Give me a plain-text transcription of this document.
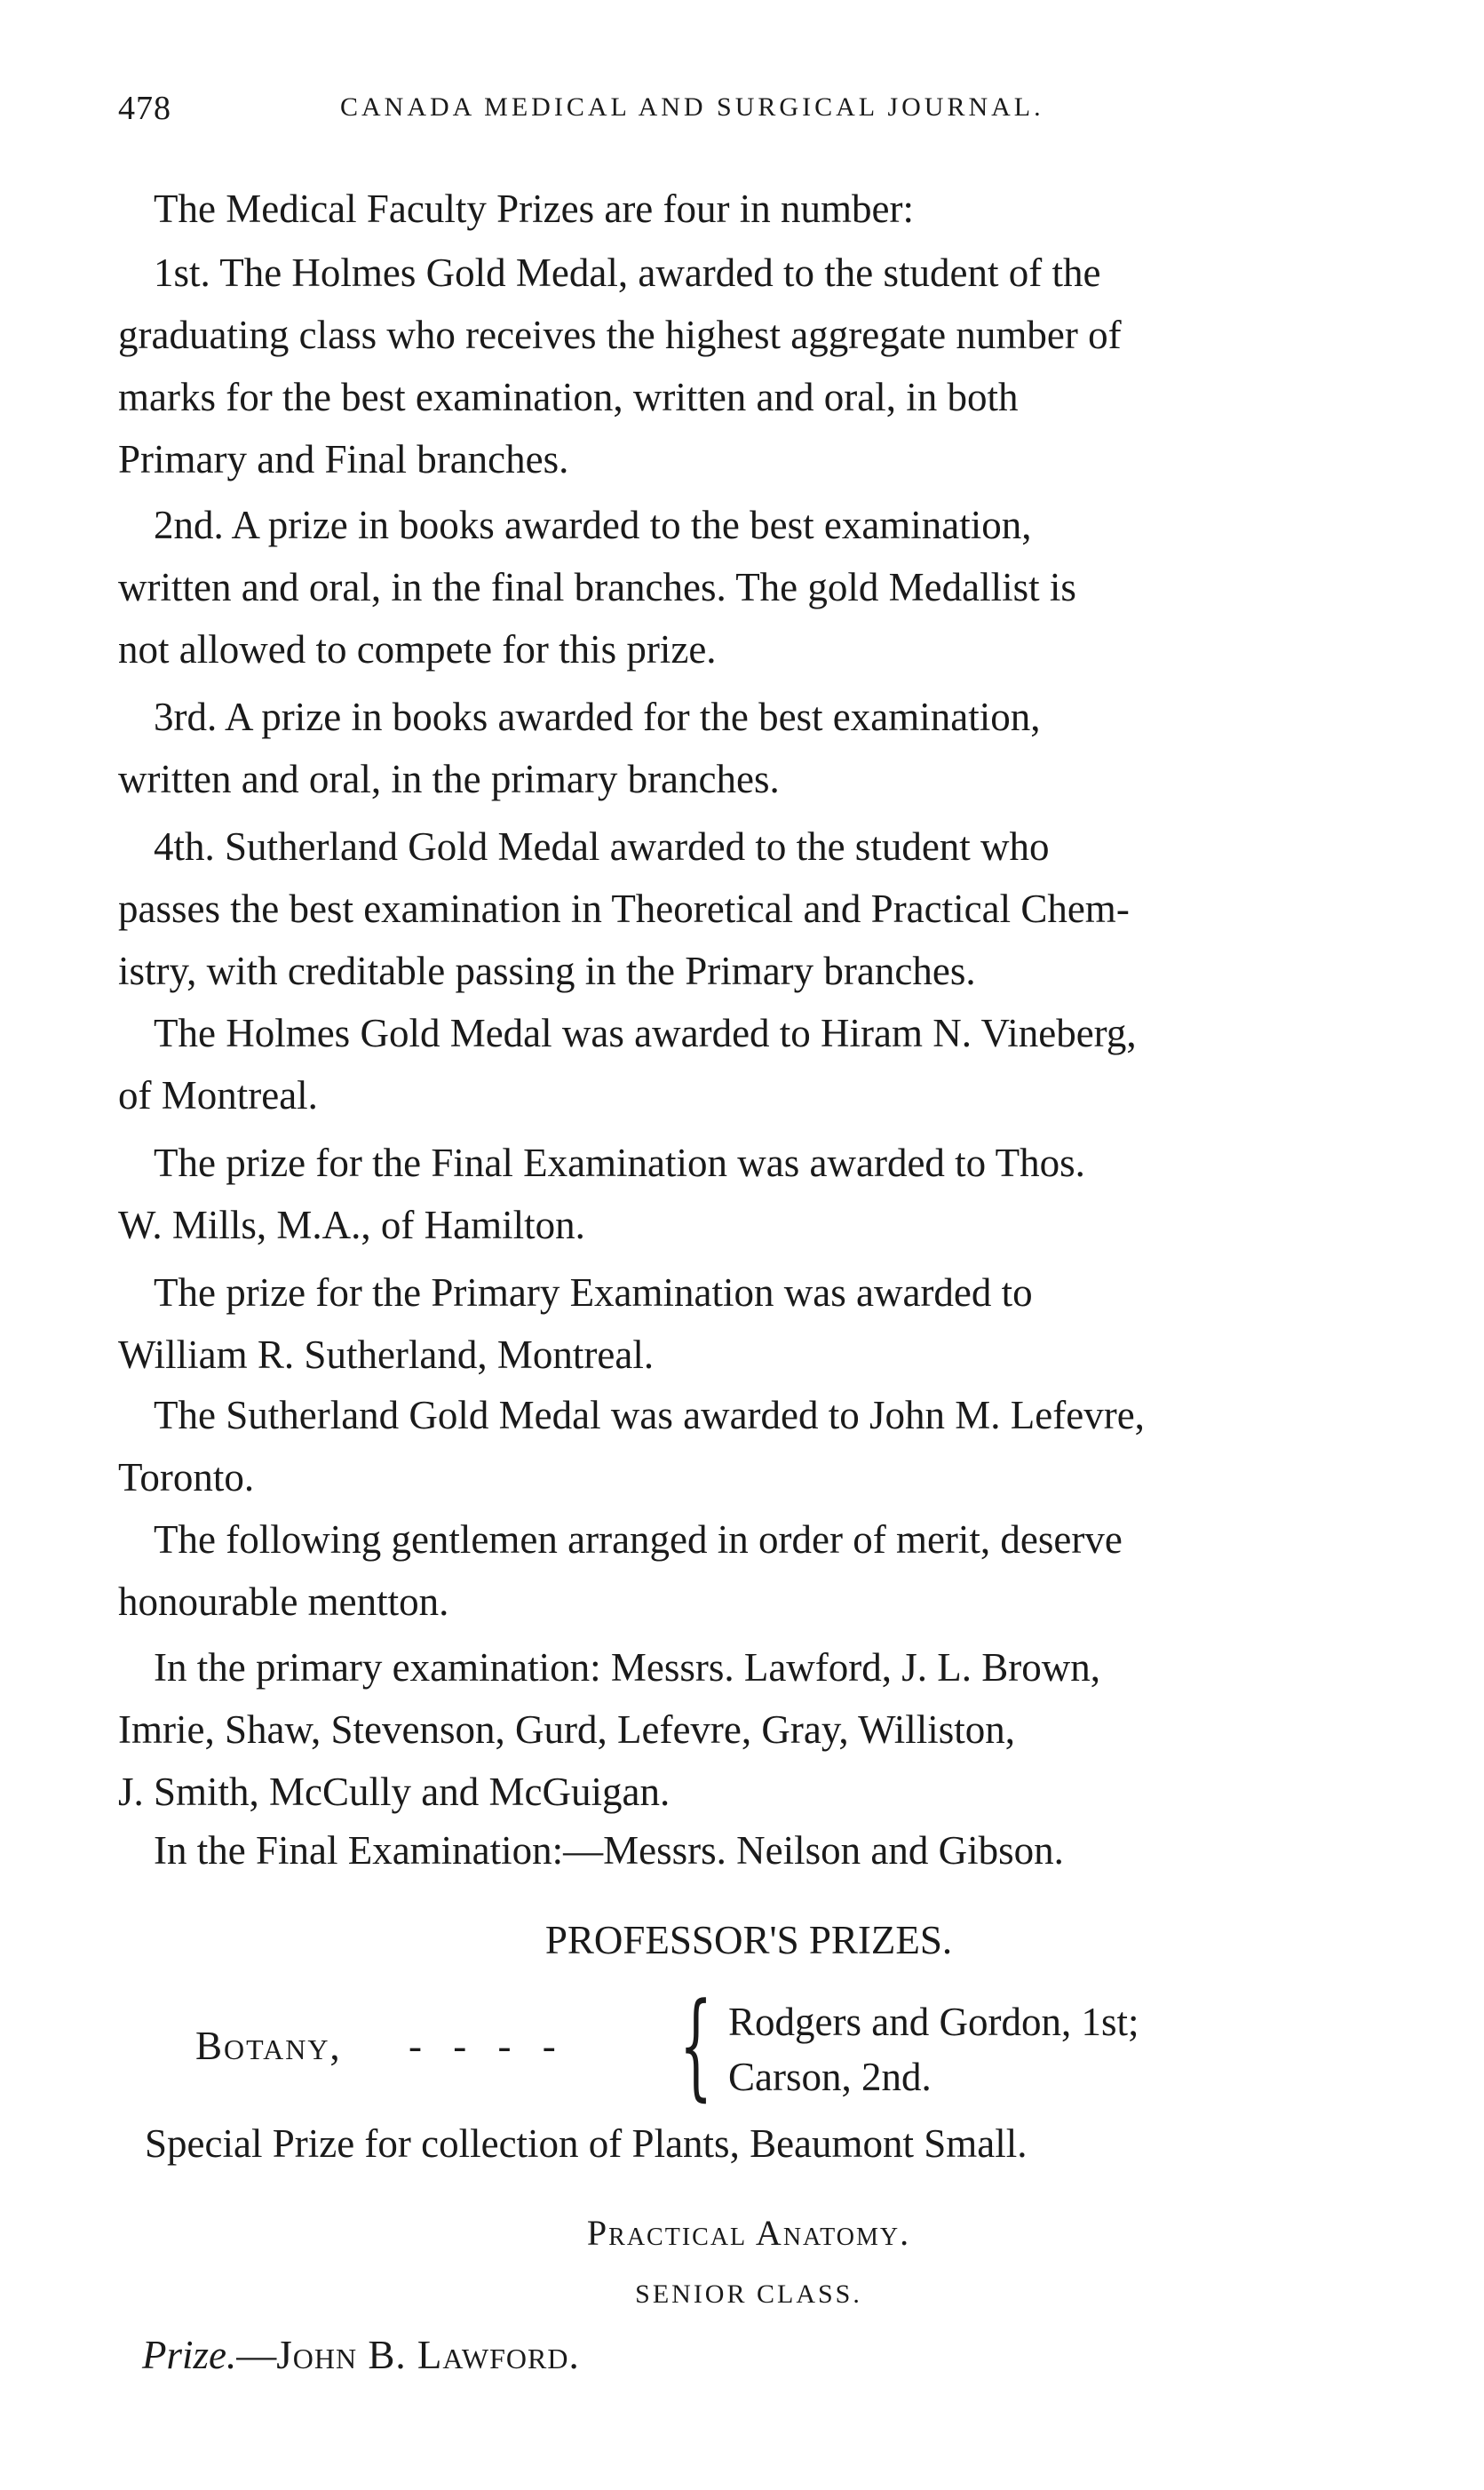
478	CANADA MEDICAL AND SURGICAL JOURNAL.
The Medical Faculty Prizes are four in number:
1st. The Holmes Gold Medal, awarded to the student of the
graduating class who receives the highest aggregate number of
marks for the best examination, written and oral, in both
Primary and Final branches.
2nd. A prize in books awarded to the best examination,
written and oral, in the final branches. The gold Medallist is
not allowed to compete for this prize.
3rd. A prize in books awarded for the best examination,
written and oral, in the primary branches.
4th. Sutherland Gold Medal awarded to the student who
passes the best examination in Theoretical and Practical Chem-
istry, with creditable passing in the Primary branches.
The Holmes Gold Medal was awarded to Hiram N. Vineberg,
of Montreal.
The prize for the Final Examination was awarded to Thos.
W. Mills, M.A., of Hamilton.
The prize for the Primary Examination was awarded to
William R. Sutherland, Montreal.
The Sutherland Gold Medal was awarded to John M. Lefevre,
Toronto.
The following gentlemen arranged in order of merit, deserve
honourable mentton.
In the primary examination: Messrs. Lawford, J. L. Brown,
Imrie, Shaw, Stevenson, Gurd, Lefevre, Gray, Williston,
J. Smith, McCully and McGuigan.
In the Final Examination:—Messrs. Neilson and Gibson.
PROFESSOR'S PRIZES.
Botany, - - - - { Rodgers and Gordon, 1st;
Carson, 2nd.
Special Prize for collection of Plants, Beaumont Small.
Practical Anatomy.
SENIOR CLASS.
Prize.—John B. Lawford.
